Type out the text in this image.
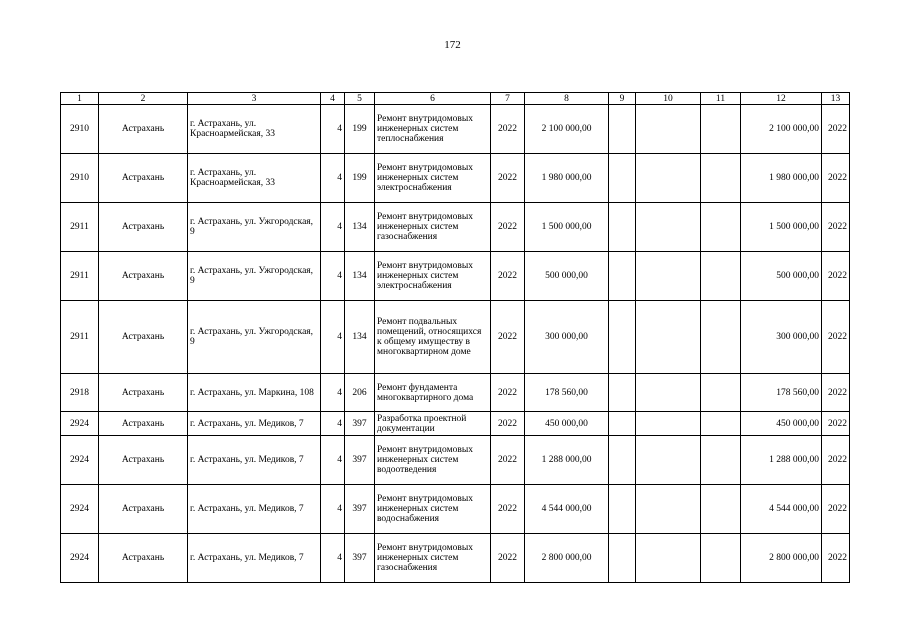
172
1	2	3	4	5	6	7	8	9	10	11	12	13
2910	Астрахань	г. Астрахань, ул. Красноармейская, 33	4	199	Ремонт внутридомовых инженерных систем теплоснабжения	2022	2 100 000,00				2 100 000,00	2022
2910	Астрахань	г. Астрахань, ул. Красноармейская, 33	4	199	Ремонт внутридомовых инженерных систем электроснабжения	2022	1 980 000,00				1 980 000,00	2022
2911	Астрахань	г. Астрахань, ул. Ужгородская, 9	4	134	Ремонт внутридомовых инженерных систем газоснабжения	2022	1 500 000,00				1 500 000,00	2022
2911	Астрахань	г. Астрахань, ул. Ужгородская, 9	4	134	Ремонт внутридомовых инженерных систем электроснабжения	2022	500 000,00				500 000,00	2022
2911	Астрахань	г. Астрахань, ул. Ужгородская, 9	4	134	Ремонт подвальных помещений, относящихся к общему имуществу в многоквартирном доме	2022	300 000,00				300 000,00	2022
2918	Астрахань	г. Астрахань, ул. Маркина, 108	4	206	Ремонт фундамента многоквартирного дома	2022	178 560,00				178 560,00	2022
2924	Астрахань	г. Астрахань, ул. Медиков, 7	4	397	Разработка проектной документации	2022	450 000,00				450 000,00	2022
2924	Астрахань	г. Астрахань, ул. Медиков, 7	4	397	Ремонт внутридомовых инженерных систем водоотведения	2022	1 288 000,00				1 288 000,00	2022
2924	Астрахань	г. Астрахань, ул. Медиков, 7	4	397	Ремонт внутридомовых инженерных систем водоснабжения	2022	4 544 000,00				4 544 000,00	2022
2924	Астрахань	г. Астрахань, ул. Медиков, 7	4	397	Ремонт внутридомовых инженерных систем газоснабжения	2022	2 800 000,00				2 800 000,00	2022
